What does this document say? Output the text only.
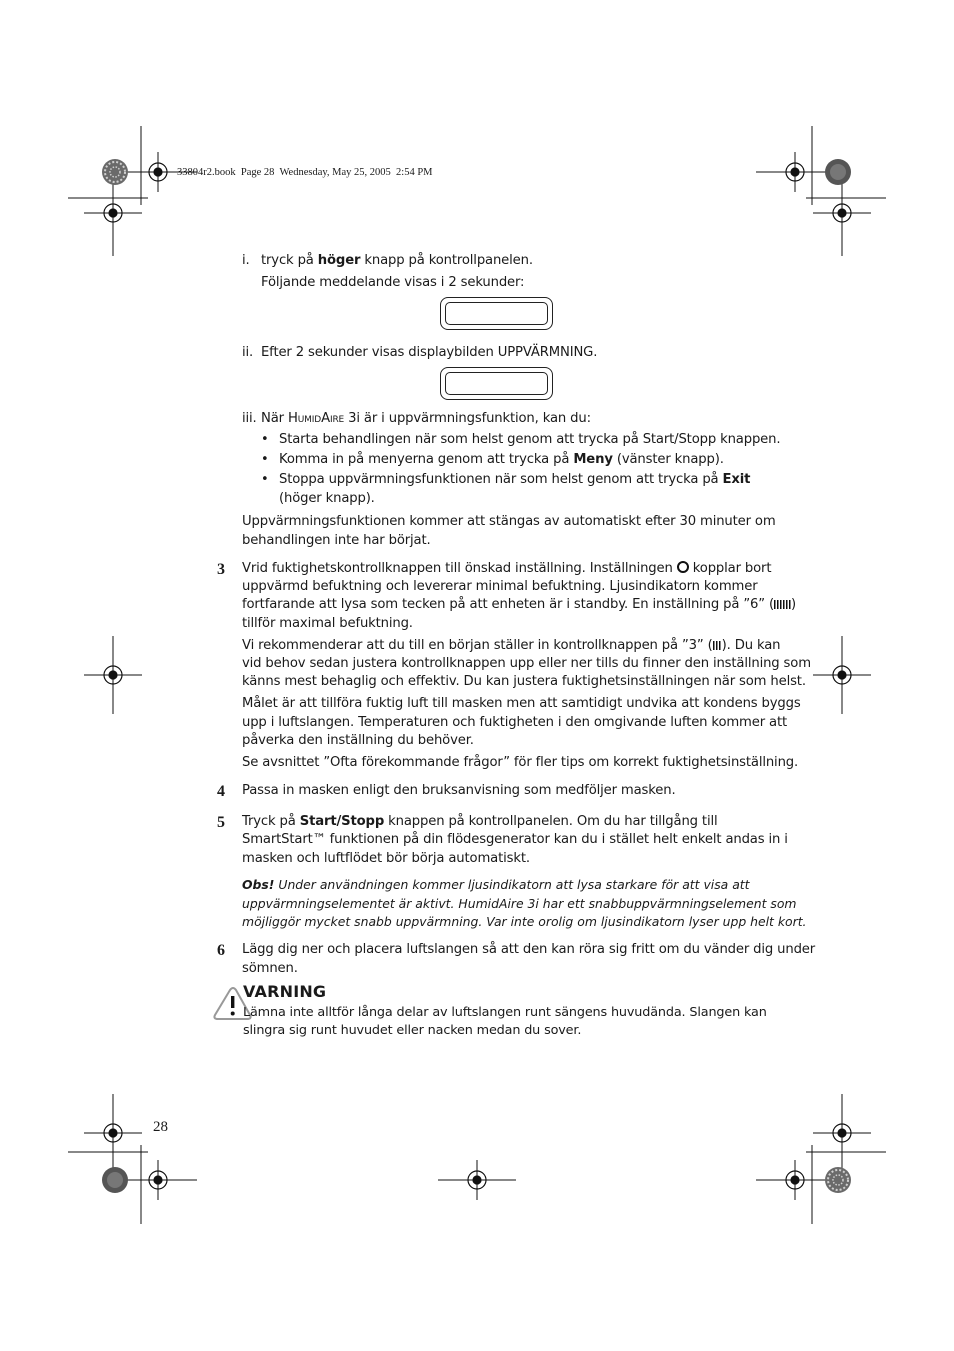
33804r2.book  Page 28  Wednesday, May 25, 2005  2:54 PM
i. tryck på höger knapp på kontrollpanelen.
Följande meddelande visas i 2 sekunder:
ii. Efter 2 sekunder visas displaybilden UPPVÄRMNING.
iii. När HumidAire 3i är i uppvärmningsfunktion, kan du:
• Starta behandlingen när som helst genom att trycka på Start/Stopp knappen.
• Komma in på menyerna genom att trycka på Meny (vänster knapp).
• Stoppa uppvärmningsfunktionen när som helst genom att trycka på Exit
(höger knapp).
Uppvärmningsfunktionen kommer att stängas av automatiskt efter 30 minuter om
behandlingen inte har börjat.
3 Vrid fuktighetskontrollknappen till önskad inställning. Inställningen  kopplar bort
uppvärmd befuktning och levererar minimal befuktning. Ljusindikatorn kommer
fortfarande att lysa som tecken på att enheten är i standby. En inställning på ”6” ( )
tillför maximal befuktning.
Vi rekommenderar att du till en början ställer in kontrollknappen på ”3” ( ). Du kan
vid behov sedan justera kontrollknappen upp eller ner tills du finner den inställning som
känns mest behaglig och effektiv. Du kan justera fuktighetsinställningen när som helst.
Målet är att tillföra fuktig luft till masken men att samtidigt undvika att kondens byggs
upp i luftslangen. Temperaturen och fuktigheten i den omgivande luften kommer att
påverka den inställning du behöver.
Se avsnittet ”Ofta förekommande frågor” för fler tips om korrekt fuktighetsinställning.
4 Passa in masken enligt den bruksanvisning som medföljer masken.
5 Tryck på Start/Stopp knappen på kontrollpanelen. Om du har tillgång till
SmartStart™ funktionen på din flödesgenerator kan du i stället helt enkelt andas in i
masken och luftflödet bör börja automatiskt.
Obs! Under användningen kommer ljusindikatorn att lysa starkare för att visa att
uppvärmningselementet är aktivt. HumidAire 3i har ett snabbuppvärmningselement som
möjliggör mycket snabb uppvärmning. Var inte orolig om ljusindikatorn lyser upp helt kort.
6 Lägg dig ner och placera luftslangen så att den kan röra sig fritt om du vänder dig under
sömnen.
VARNING
Lämna inte alltför långa delar av luftslangen runt sängens huvudända. Slangen kan
slingra sig runt huvudet eller nacken medan du sover.
28
